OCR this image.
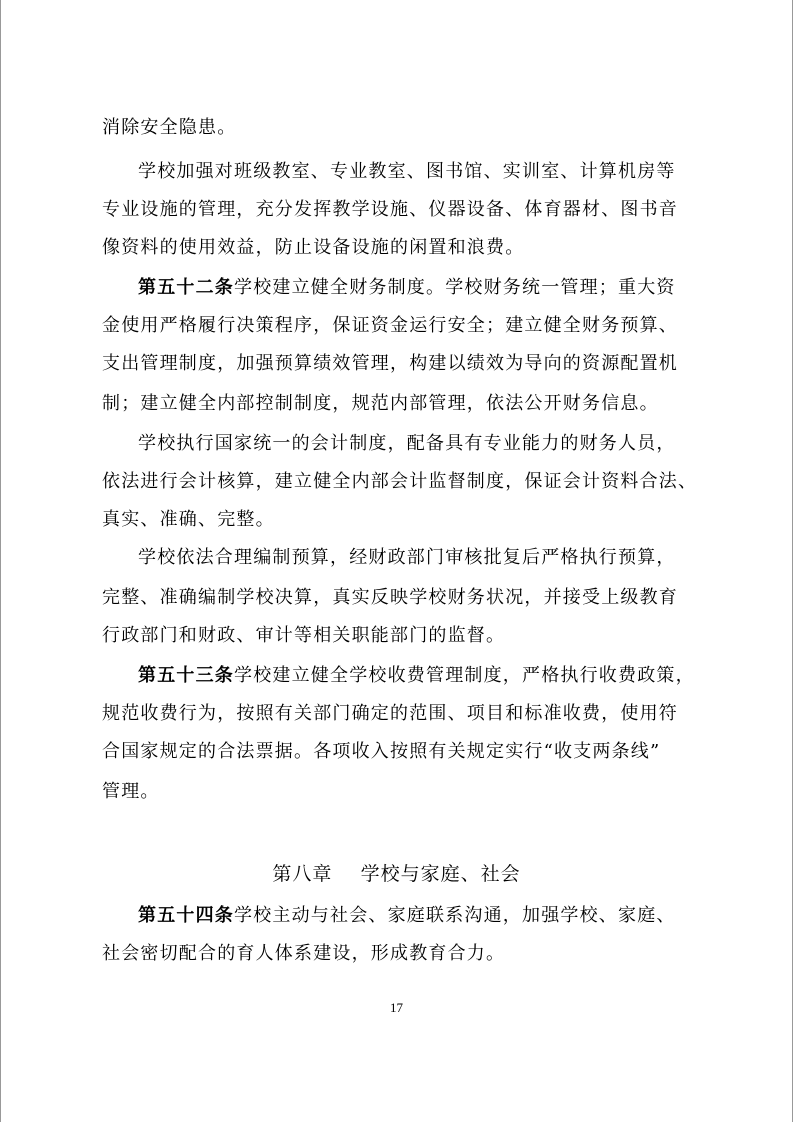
消除安全隐患。
学校加强对班级教室、专业教室、图书馆、实训室、计算机房等
专业设施的管理，充分发挥教学设施、仪器设备、体育器材、图书音
像资料的使用效益，防止设备设施的闲置和浪费。
第五十二条学校建立健全财务制度。学校财务统一管理；重大资
金使用严格履行决策程序，保证资金运行安全；建立健全财务预算、
支出管理制度，加强预算绩效管理，构建以绩效为导向的资源配置机
制；建立健全内部控制制度，规范内部管理，依法公开财务信息。
学校执行国家统一的会计制度，配备具有专业能力的财务人员，
依法进行会计核算，建立健全内部会计监督制度，保证会计资料合法、
真实、准确、完整。
学校依法合理编制预算，经财政部门审核批复后严格执行预算，
完整、准确编制学校决算，真实反映学校财务状况，并接受上级教育
行政部门和财政、审计等相关职能部门的监督。
第五十三条学校建立健全学校收费管理制度，严格执行收费政策，
规范收费行为，按照有关部门确定的范围、项目和标准收费，使用符
合国家规定的合法票据。各项收入按照有关规定实行“收支两条线”
管理。
第八章 学校与家庭、社会
第五十四条学校主动与社会、家庭联系沟通，加强学校、家庭、
社会密切配合的育人体系建设，形成教育合力。
17
